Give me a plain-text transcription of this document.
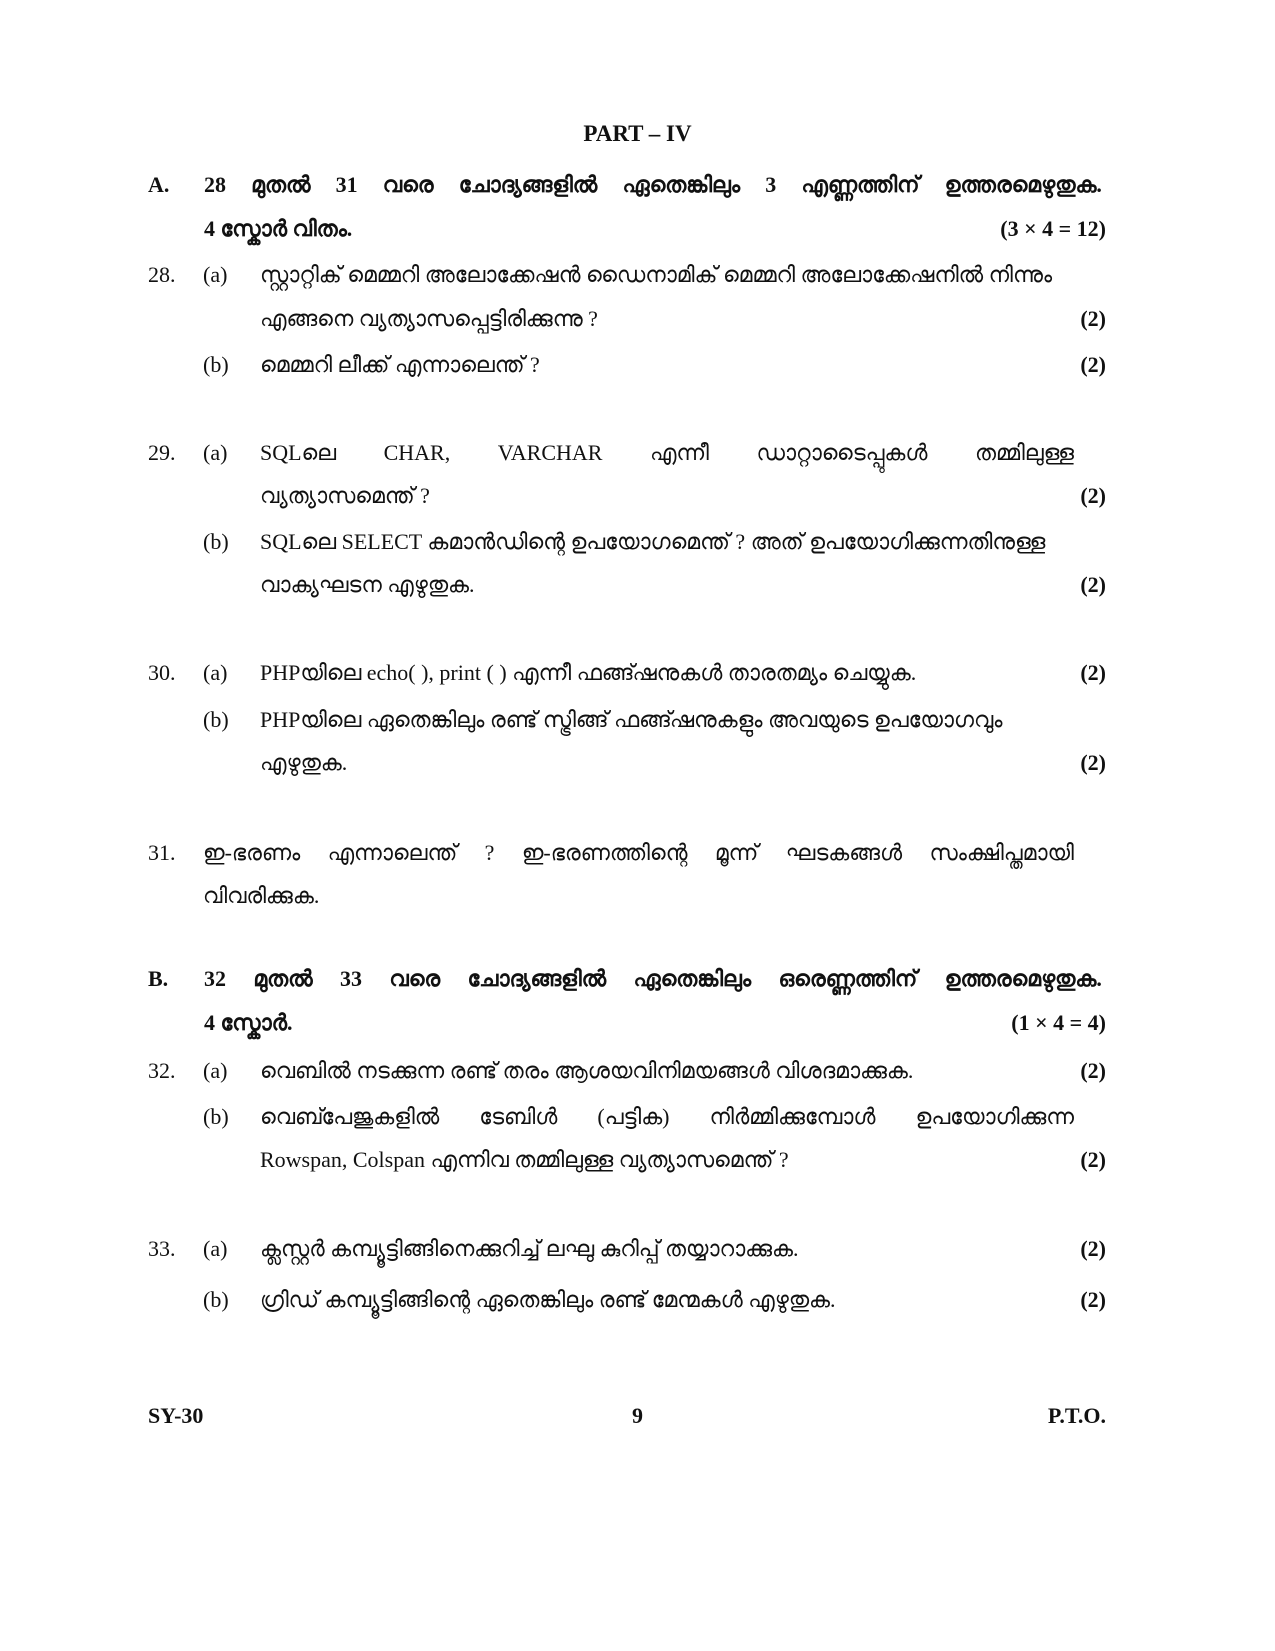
PART – IV
A. 28 മുതൽ 31 വരെ ചോദ്യങ്ങളിൽ ഏതെങ്കിലും 3 എണ്ണത്തിന് ഉത്തരമെഴുതുക.
4 സ്കോർ വിതം.	(3 × 4 = 12)
28. (a) സ്റ്റാറ്റിക് മെമ്മറി അലോക്കേഷൻ ഡൈനാമിക് മെമ്മറി അലോക്കേഷനിൽ നിന്നും
എങ്ങനെ വ്യത്യാസപ്പെട്ടിരിക്കുന്നു ?	(2)
(b) മെമ്മറി ലീക്ക് എന്നാലെന്ത് ?	(2)
29. (a) SQLലെ CHAR, VARCHAR എന്നീ ഡാറ്റാടൈപ്പുകൾ തമ്മിലുള്ള
വ്യത്യാസമെന്ത് ?	(2)
(b) SQLലെ SELECT കമാൻഡിന്റെ ഉപയോഗമെന്ത് ? അത് ഉപയോഗിക്കുന്നതിനുള്ള
വാക്യഘടന എഴുതുക.	(2)
30. (a) PHPയിലെ echo( ), print ( ) എന്നീ ഫങ്ങ്ഷനുകൾ താരതമ്യം ചെയ്യുക.	(2)
(b) PHPയിലെ ഏതെങ്കിലും രണ്ട് സ്ട്രിങ്ങ് ഫങ്ങ്ഷനുകളും അവയുടെ ഉപയോഗവും
എഴുതുക.	(2)
31. ഇ-ഭരണം എന്നാലെന്ത് ? ഇ-ഭരണത്തിന്റെ മൂന്ന് ഘടകങ്ങൾ സംക്ഷിപ്തമായി
വിവരിക്കുക.
B. 32 മുതൽ 33 വരെ ചോദ്യങ്ങളിൽ ഏതെങ്കിലും ഒരെണ്ണത്തിന് ഉത്തരമെഴുതുക.
4 സ്കോർ.	(1 × 4 = 4)
32. (a) വെബിൽ നടക്കുന്ന രണ്ട് തരം ആശയവിനിമയങ്ങൾ വിശദമാക്കുക.	(2)
(b) വെബ്പേജുകളിൽ ടേബിൾ (പട്ടിക) നിർമ്മിക്കുമ്പോൾ ഉപയോഗിക്കുന്ന
Rowspan, Colspan എന്നിവ തമ്മിലുള്ള വ്യത്യാസമെന്ത് ?	(2)
33. (a) ക്ലസ്റ്റർ കമ്പ്യൂട്ടിങ്ങിനെക്കുറിച്ച് ലഘു കുറിപ്പ് തയ്യാറാക്കുക.	(2)
(b) ഗ്രിഡ് കമ്പ്യൂട്ടിങ്ങിന്റെ ഏതെങ്കിലും രണ്ട് മേന്മകൾ എഴുതുക.	(2)
SY-30	9	P.T.O.
